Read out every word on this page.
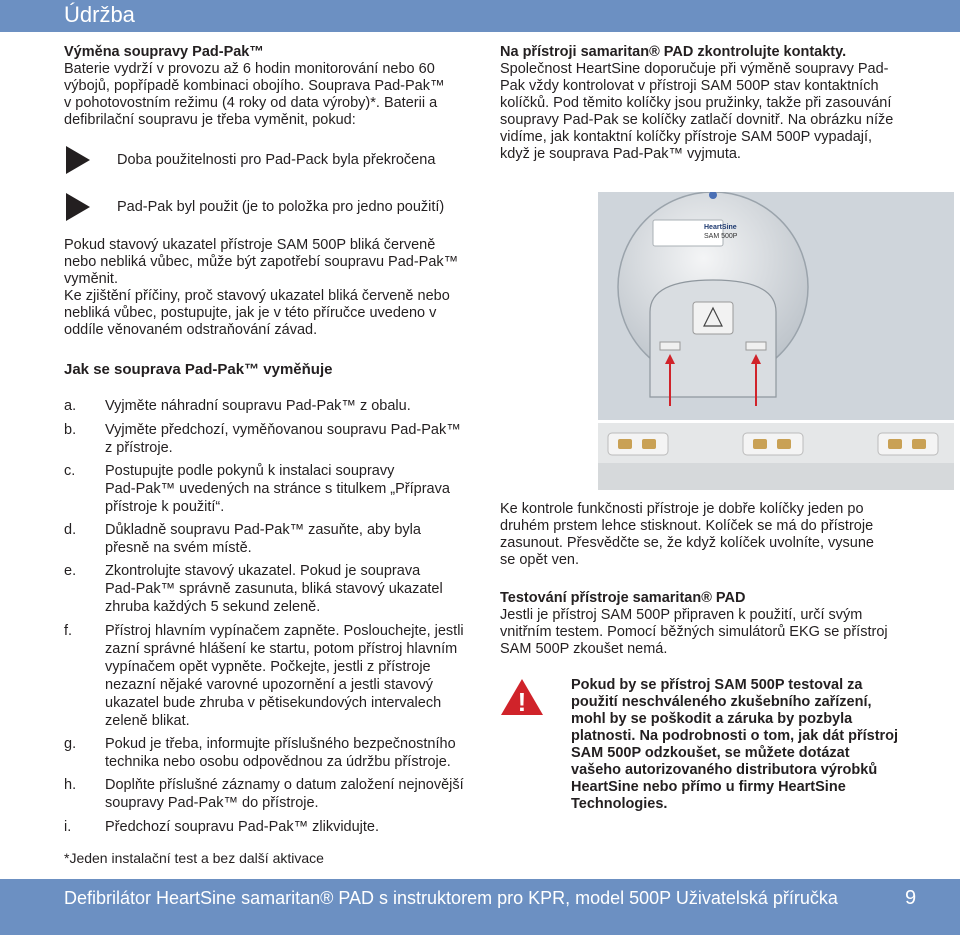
Údržba
Výměna soupravy Pad-Pak™
Baterie vydrží v provozu až 6 hodin monitorování nebo 60
výbojů, popřípadě kombinaci obojího. Souprava Pad-Pak™
v pohotovostním režimu (4 roky od data výroby)*. Baterii a
defibrilační soupravu je třeba vyměnit, pokud:
Doba použitelnosti pro Pad-Pack byla překročena
Pad-Pak byl použit (je to položka pro jedno použití)
Pokud stavový ukazatel přístroje SAM 500P bliká červeně
nebo nebliká vůbec, může být zapotřebí soupravu Pad-Pak™
vyměnit.
Ke zjištění příčiny, proč stavový ukazatel bliká červeně nebo
nebliká vůbec, postupujte, jak je v této příručce uvedeno v
oddíle věnovaném odstraňování závad.
Jak se souprava Pad-Pak™ vyměňuje
a. Vyjměte náhradní soupravu Pad-Pak™ z obalu.
b. Vyjměte předchozí, vyměňovanou soupravu Pad-Pak™
z přístroje.
c. Postupujte podle pokynů k instalaci soupravy
Pad-Pak™ uvedených na stránce s titulkem „Příprava
přístroje k použití“.
d. Důkladně soupravu Pad-Pak™ zasuňte, aby byla
přesně na svém místě.
e. Zkontrolujte stavový ukazatel. Pokud je souprava
Pad-Pak™ správně zasunuta, bliká stavový ukazatel
zhruba každých 5 sekund zeleně.
f. Přístroj hlavním vypínačem zapněte. Poslouchejte, jestli
zazní správné hlášení ke startu, potom přístroj hlavním
vypínačem opět vypněte. Počkejte, jestli z přístroje
nezazní nějaké varovné upozornění a jestli stavový
ukazatel bude zhruba v pětisekundových intervalech
zeleně blikat.
g. Pokud je třeba, informujte příslušného bezpečnostního
technika nebo osobu odpovědnou za údržbu přístroje.
h. Doplňte příslušné záznamy o datum založení nejnovější
soupravy Pad-Pak™ do přístroje.
i. Předchozí soupravu Pad-Pak™ zlikvidujte.
*Jeden instalační test a bez další aktivace
Na přístroji samaritan® PAD zkontrolujte kontakty.
Společnost HeartSine doporučuje při výměně soupravy Pad-
Pak vždy kontrolovat v přístroji SAM 500P stav kontaktních
kolíčků. Pod těmito kolíčky jsou pružinky, takže při zasouvání
soupravy Pad-Pak se kolíčky zatlačí dovnitř. Na obrázku níže
vidíme, jak kontaktní kolíčky přístroje SAM 500P vypadají,
když je souprava Pad-Pak™ vyjmuta.
HeartSine
SAM 500P
Ke kontrole funkčnosti přístroje je dobře kolíčky jeden po
druhém prstem lehce stisknout. Kolíček se má do přístroje
zasunout. Přesvědčte se, že když kolíček uvolníte, vysune
se opět ven.
Testování přístroje samaritan® PAD
Jestli je přístroj SAM 500P připraven k použití, určí svým
vnitřním testem. Pomocí běžných simulátorů EKG se přístroj
SAM 500P zkoušet nemá.
!
Pokud by se přístroj SAM 500P testoval za
použití neschváleného zkušebního zařízení,
mohl by se poškodit a záruka by pozbyla
platnosti. Na podrobnosti o tom, jak dát přístroj
SAM 500P odzkoušet, se můžete dotázat
vašeho autorizovaného distributora výrobků
HeartSine nebo přímo u firmy HeartSine
Technologies.
Defibrilátor HeartSine samaritan® PAD s instruktorem pro KPR, model 500P Uživatelská příručka	9
